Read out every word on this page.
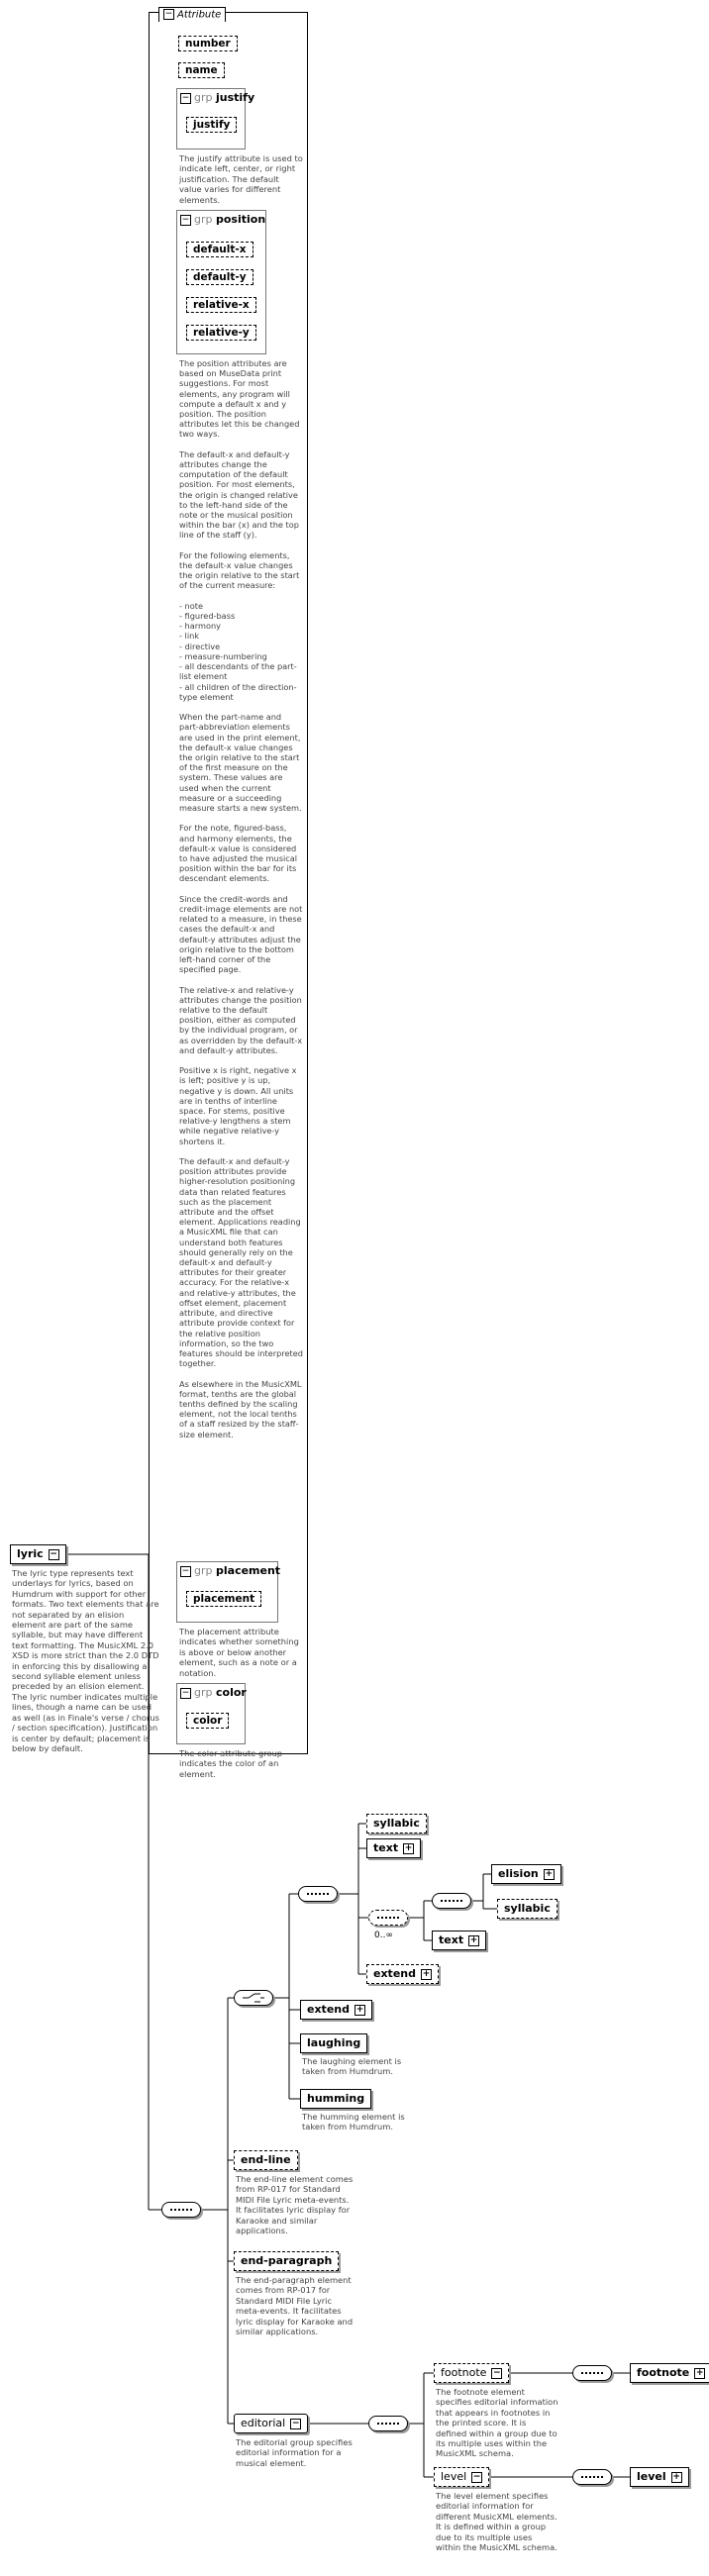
− Attribute
number
name
− grp justify
justify
The justify attribute is used to indicate left, center, or right justification. The default value varies for different elements.
− grp position
default-x
default-y
relative-x
relative-y
The position attributes are based on MuseData print suggestions. For most elements, any program will compute a default x and y position. The position attributes let this be changed two ways.

The default-x and default-y attributes change the computation of the default position. For most elements, the origin is changed relative to the left-hand side of the note or the musical position within the bar (x) and the top line of the staff (y).

For the following elements, the default-x value changes the origin relative to the start of the current measure:

- note
- figured-bass
- harmony
- link
- directive
- measure-numbering
- all descendants of the part-list element
- all children of the direction-type element

When the part-name and part-abbreviation elements are used in the print element, the default-x value changes the origin relative to the start of the first measure on the system. These values are used when the current measure or a succeeding measure starts a new system.

For the note, figured-bass, and harmony elements, the default-x value is considered to have adjusted the musical position within the bar for its descendant elements.

Since the credit-words and credit-image elements are not related to a measure, in these cases the default-x and default-y attributes adjust the origin relative to the bottom left-hand corner of the specified page.

The relative-x and relative-y attributes change the position relative to the default position, either as computed by the individual program, or as overridden by the default-x and default-y attributes.

Positive x is right, negative x is left; positive y is up, negative y is down. All units are in tenths of interline space. For stems, positive relative-y lengthens a stem while negative relative-y shortens it.

The default-x and default-y position attributes provide higher-resolution positioning data than related features such as the placement attribute and the offset element. Applications reading a MusicXML file that can understand both features should generally rely on the default-x and default-y attributes for their greater accuracy. For the relative-x and relative-y attributes, the offset element, placement attribute, and directive attribute provide context for the relative position information, so the two features should be interpreted together.

As elsewhere in the MusicXML format, tenths are the global tenths defined by the scaling element, not the local tenths of a staff resized by the staff-size element.
− grp placement
placement
The placement attribute indicates whether something is above or below another element, such as a note or a notation.
− grp color
color
The color attribute group indicates the color of an element.
lyric −
The lyric type represents text underlays for lyrics, based on Humdrum with support for other formats. Two text elements that are not separated by an elision element are part of the same syllable, but may have different text formatting. The MusicXML 2.0 XSD is more strict than the 2.0 DTD in enforcing this by disallowing a second syllable element unless preceded by an elision element. The lyric number indicates multiple lines, though a name can be used as well (as in Finale's verse / chorus / section specification). Justification is center by default; placement is below by default.
syllabic
text +
0..∞
elision +
syllabic
text +
extend +
extend +
laughing
The laughing element is taken from Humdrum.
humming
The humming element is taken from Humdrum.
end-line
The end-line element comes from RP-017 for Standard MIDI File Lyric meta-events. It facilitates lyric display for Karaoke and similar applications.
end-paragraph
The end-paragraph element comes from RP-017 for Standard MIDI File Lyric meta-events. It facilitates lyric display for Karaoke and similar applications.
editorial −
The editorial group specifies editorial information for a musical element.
footnote −
The footnote element specifies editorial information that appears in footnotes in the printed score. It is defined within a group due to its multiple uses within the MusicXML schema.
footnote +
level −
The level element specifies editorial information for different MusicXML elements. It is defined within a group due to its multiple uses within the MusicXML schema.
level +
